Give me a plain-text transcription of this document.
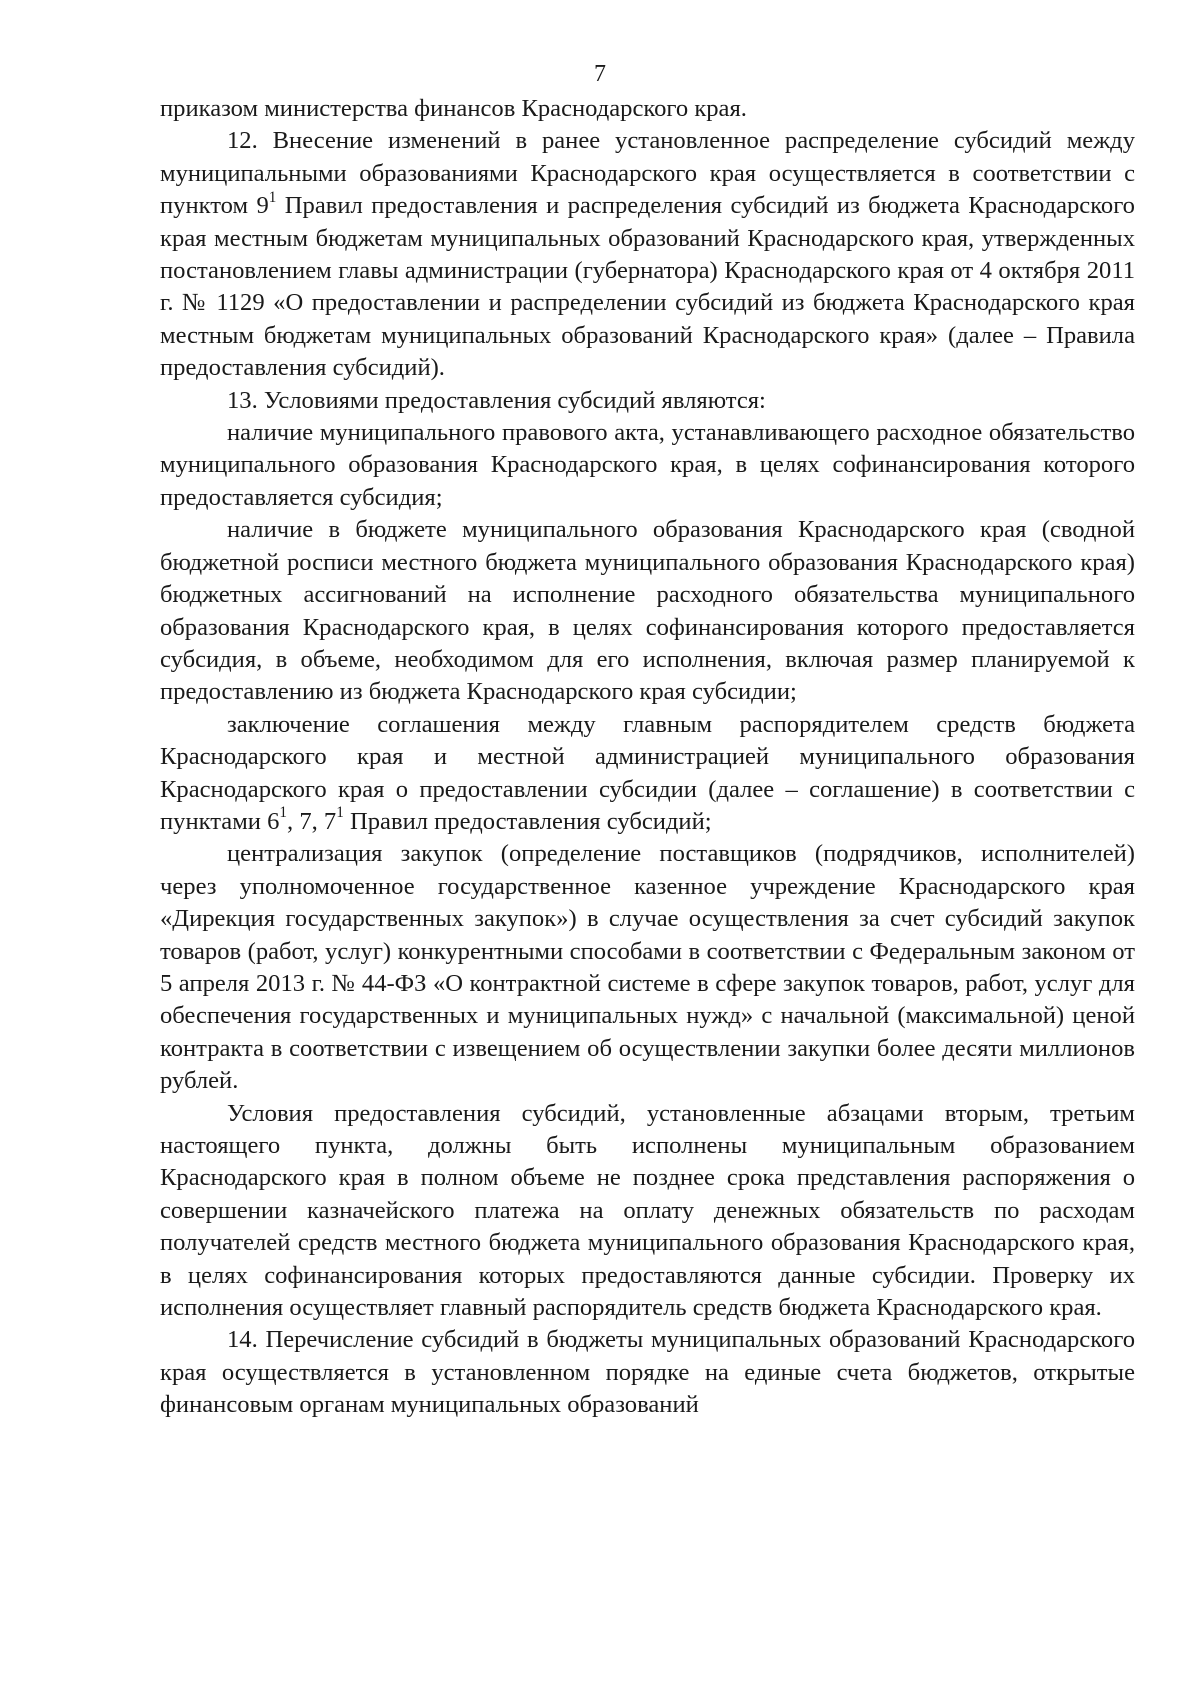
7

приказом министерства финансов Краснодарского края.

12. Внесение изменений в ранее установленное распределение субсидий между муниципальными образованиями Краснодарского края осуществляется в соответствии с пунктом $9^1$ Правил предоставления и распределения субсидий из бюджета Краснодарского края местным бюджетам муниципальных образований Краснодарского края, утвержденных постановлением главы администрации (губернатора) Краснодарского края от 4 октября 2011 г. № 1129 «О предоставлении и распределении субсидий из бюджета Краснодарского края местным бюджетам муниципальных образований Краснодарского края» (далее – Правила предоставления субсидий).

13. Условиями предоставления субсидий являются:

наличие муниципального правового акта, устанавливающего расходное обязательство муниципального образования Краснодарского края, в целях софинансирования которого предоставляется субсидия;

наличие в бюджете муниципального образования Краснодарского края (сводной бюджетной росписи местного бюджета муниципального образования Краснодарского края) бюджетных ассигнований на исполнение расходного обязательства муниципального образования Краснодарского края, в целях софинансирования которого предоставляется субсидия, в объеме, необходимом для его исполнения, включая размер планируемой к предоставлению из бюджета Краснодарского края субсидии;

заключение соглашения между главным распорядителем средств бюджета Краснодарского края и местной администрацией муниципального образования Краснодарского края о предоставлении субсидии (далее – соглашение) в соответствии с пунктами $6^1$, 7, $7^1$ Правил предоставления субсидий;

централизация закупок (определение поставщиков (подрядчиков, исполнителей) через уполномоченное государственное казенное учреждение Краснодарского края «Дирекция государственных закупок») в случае осуществления за счет субсидий закупок товаров (работ, услуг) конкурентными способами в соответствии с Федеральным законом от 5 апреля 2013 г. № 44-ФЗ «О контрактной системе в сфере закупок товаров, работ, услуг для обеспечения государственных и муниципальных нужд» с начальной (максимальной) ценой контракта в соответствии с извещением об осуществлении закупки более десяти миллионов рублей.

Условия предоставления субсидий, установленные абзацами вторым, третьим настоящего пункта, должны быть исполнены муниципальным образованием Краснодарского края в полном объеме не позднее срока представления распоряжения о совершении казначейского платежа на оплату денежных обязательств по расходам получателей средств местного бюджета муниципального образования Краснодарского края, в целях софинансирования которых предоставляются данные субсидии. Проверку их исполнения осуществляет главный распорядитель средств бюджета Краснодарского края.

14. Перечисление субсидий в бюджеты муниципальных образований Краснодарского края осуществляется в установленном порядке на единые счета бюджетов, открытые финансовым органам муниципальных образований
